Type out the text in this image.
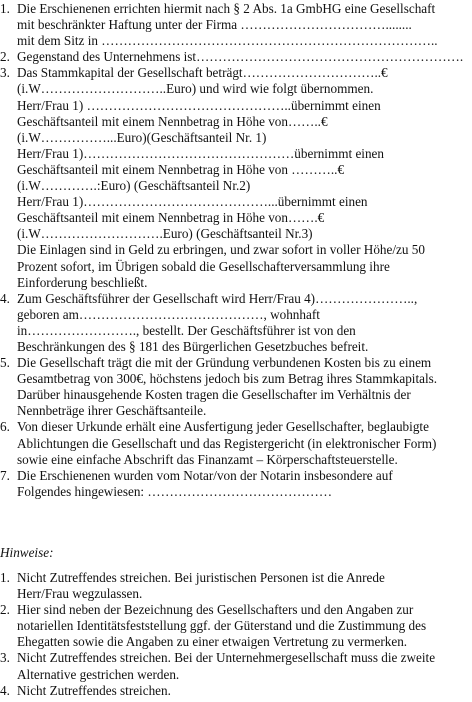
1. Die Erschienenen errichten hiermit nach § 2 Abs. 1a GmbHG eine Gesellschaft
mit beschränkter Haftung unter der Firma ……………………………........
mit dem Sitz in …………………………………………………………………..
2. Gegenstand des Unternehmens ist…………………………………………………….
3. Das Stammkapital der Gesellschaft beträgt…………………………..€
(i.W………………………..Euro) und wird wie folgt übernommen.
Herr/Frau 1) ………………………………………..übernimmt einen
Geschäftsanteil mit einem Nennbetrag in Höhe von……..€
(i.W……………...Euro)(Geschäftsanteil Nr. 1)
Herr/Frau 1)…………………………………………übernimmt einen
Geschäftsanteil mit einem Nennbetrag in Höhe von ………..€
(i.W………….:Euro) (Geschäftsanteil Nr.2)
Herr/Frau 1)……………………………………...übernimmt einen
Geschäftsanteil mit einem Nennbetrag in Höhe von…….€
(i.W……………………….Euro) (Geschäftsanteil Nr.3)
Die Einlagen sind in Geld zu erbringen, und zwar sofort in voller Höhe/zu 50
Prozent sofort, im Übrigen sobald die Gesellschafterversammlung ihre
Einforderung beschließt.
4. Zum Geschäftsführer der Gesellschaft wird Herr/Frau 4)…………………..,
geboren am……………………………………, wohnhaft
in……………………., bestellt. Der Geschäftsführer ist von den
Beschränkungen des § 181 des Bürgerlichen Gesetzbuches befreit.
5. Die Gesellschaft trägt die mit der Gründung verbundenen Kosten bis zu einem
Gesamtbetrag von 300€, höchstens jedoch bis zum Betrag ihres Stammkapitals.
Darüber hinausgehende Kosten tragen die Gesellschafter im Verhältnis der
Nennbeträge ihrer Geschäftsanteile.
6. Von dieser Urkunde erhält eine Ausfertigung jeder Gesellschafter, beglaubigte
Ablichtungen die Gesellschaft und das Registergericht (in elektronischer Form)
sowie eine einfache Abschrift das Finanzamt – Körperschaftsteuerstelle.
7. Die Erschienenen wurden vom Notar/von der Notarin insbesondere auf
Folgendes hingewiesen: ……………………………………
Hinweise:
1. Nicht Zutreffendes streichen. Bei juristischen Personen ist die Anrede
Herr/Frau wegzulassen.
2. Hier sind neben der Bezeichnung des Gesellschafters und den Angaben zur
notariellen Identitätsfeststellung ggf. der Güterstand und die Zustimmung des
Ehegatten sowie die Angaben zu einer etwaigen Vertretung zu vermerken.
3. Nicht Zutreffendes streichen. Bei der Unternehmergesellschaft muss die zweite
Alternative gestrichen werden.
4. Nicht Zutreffendes streichen.
